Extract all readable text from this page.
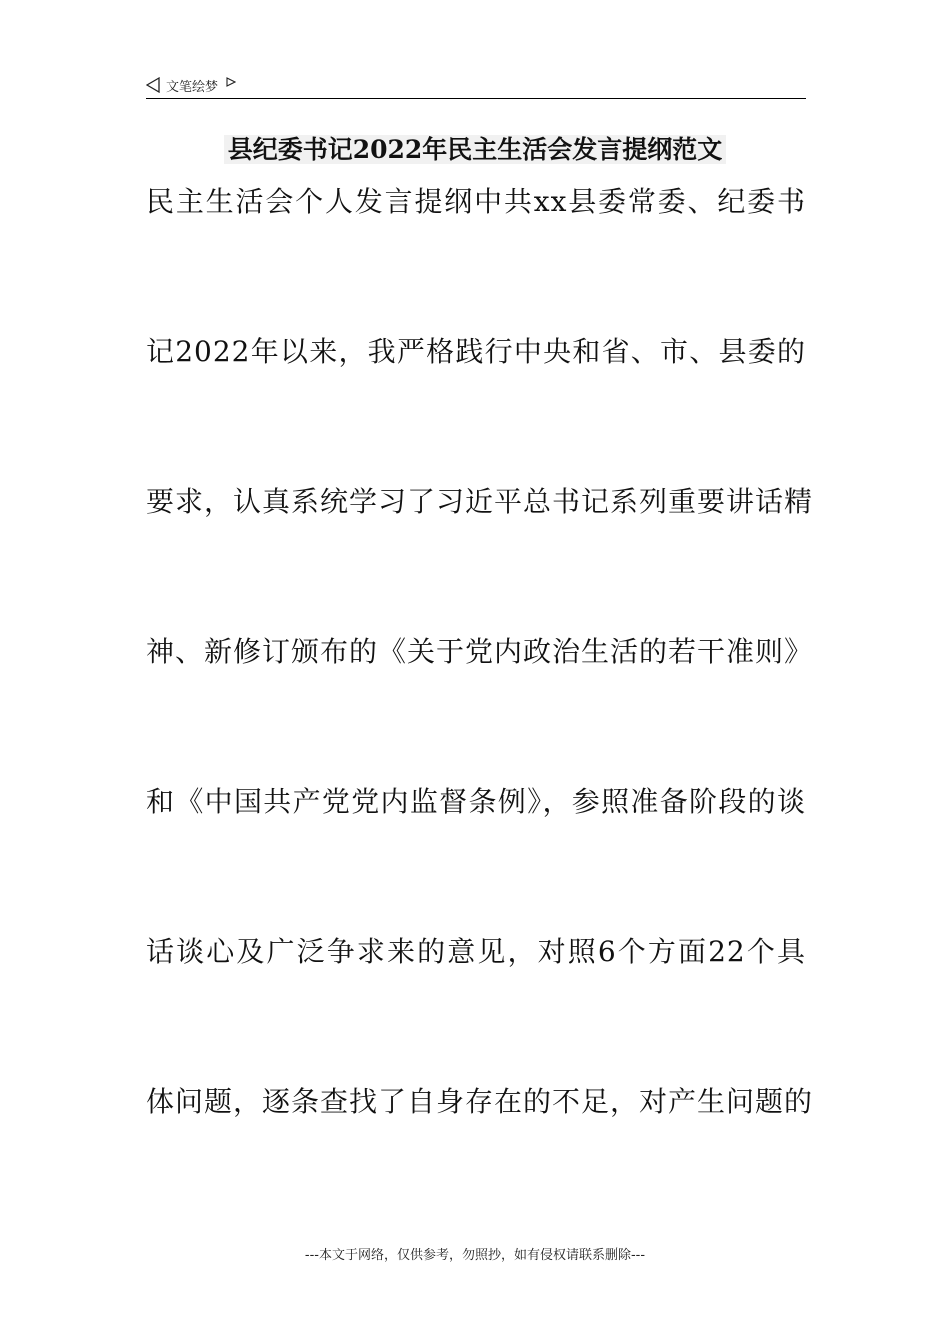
文笔绘梦
县纪委书记2022年民主生活会发言提纲范文
民主生活会个人发言提纲中共xx县委常委、纪委书
记2022年以来，我严格践行中央和省、市、县委的
要求，认真系统学习了习近平总书记系列重要讲话精
神、新修订颁布的《关于党内政治生活的若干准则》
和《中国共产党党内监督条例》，参照准备阶段的谈
话谈心及广泛争求来的意见，对照6个方面22个具
体问题，逐条查找了自身存在的不足，对产生问题的
---本文于网络，仅供参考，勿照抄，如有侵权请联系删除---
